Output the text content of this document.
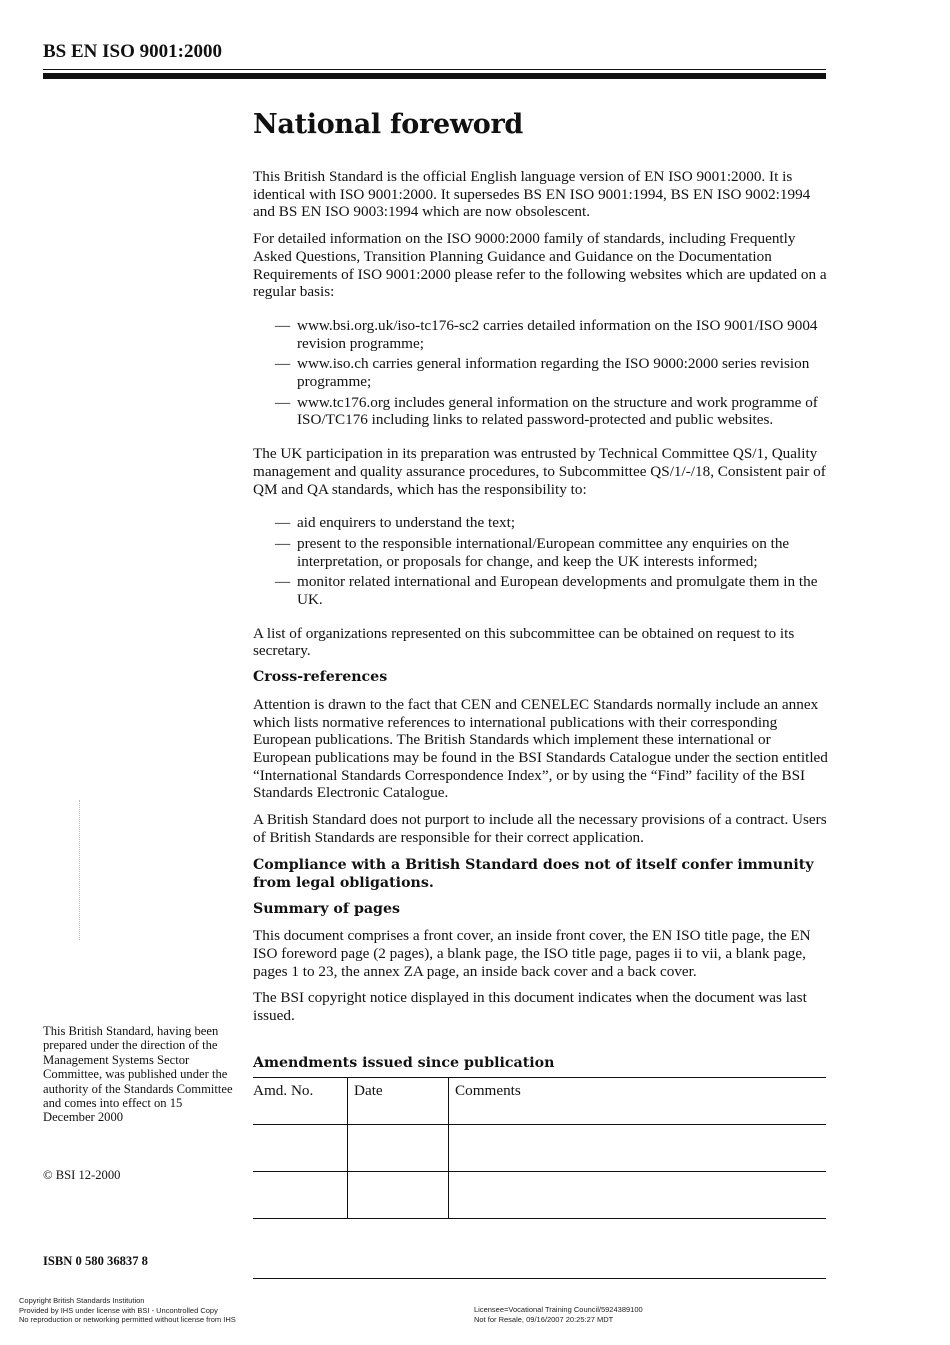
BS EN ISO 9001:2000
National foreword

This British Standard is the official English language version of EN ISO 9001:2000. It is identical with ISO 9001:2000. It supersedes BS EN ISO 9001:1994, BS EN ISO 9002:1994 and BS EN ISO 9003:1994 which are now obsolescent.

For detailed information on the ISO 9000:2000 family of standards, including Frequently Asked Questions, Transition Planning Guidance and Guidance on the Documentation Requirements of ISO 9001:2000 please refer to the following websites which are updated on a regular basis:

— www.bsi.org.uk/iso-tc176-sc2 carries detailed information on the ISO 9001/ISO 9004 revision programme;
— www.iso.ch carries general information regarding the ISO 9000:2000 series revision programme;
— www.tc176.org includes general information on the structure and work programme of ISO/TC176 including links to related password-protected and public websites.

The UK participation in its preparation was entrusted by Technical Committee QS/1, Quality management and quality assurance procedures, to Subcommittee QS/1/-/18, Consistent pair of QM and QA standards, which has the responsibility to:

— aid enquirers to understand the text;
— present to the responsible international/European committee any enquiries on the interpretation, or proposals for change, and keep the UK interests informed;
— monitor related international and European developments and promulgate them in the UK.

A list of organizations represented on this subcommittee can be obtained on request to its secretary.

Cross-references

Attention is drawn to the fact that CEN and CENELEC Standards normally include an annex which lists normative references to international publications with their corresponding European publications. The British Standards which implement these international or European publications may be found in the BSI Standards Catalogue under the section entitled “International Standards Correspondence Index”, or by using the “Find” facility of the BSI Standards Electronic Catalogue.

A British Standard does not purport to include all the necessary provisions of a contract. Users of British Standards are responsible for their correct application.

Compliance with a British Standard does not of itself confer immunity from legal obligations.

Summary of pages

This document comprises a front cover, an inside front cover, the EN ISO title page, the EN ISO foreword page (2 pages), a blank page, the ISO title page, pages ii to vii, a blank page, pages 1 to 23, the annex ZA page, an inside back cover and a back cover.

The BSI copyright notice displayed in this document indicates when the document was last issued.

Amendments issued since publication
Amd. No.	Date	Comments

This British Standard, having been prepared under the direction of the Management Systems Sector Committee, was published under the authority of the Standards Committee and comes into effect on 15 December 2000
© BSI 12-2000
ISBN 0 580 36837 8
Copyright British Standards Institution
Provided by IHS under license with BSI - Uncontrolled Copy
No reproduction or networking permitted without license from IHS
Licensee=Vocational Training Council/5924389100
Not for Resale, 09/16/2007 20:25:27 MDT
